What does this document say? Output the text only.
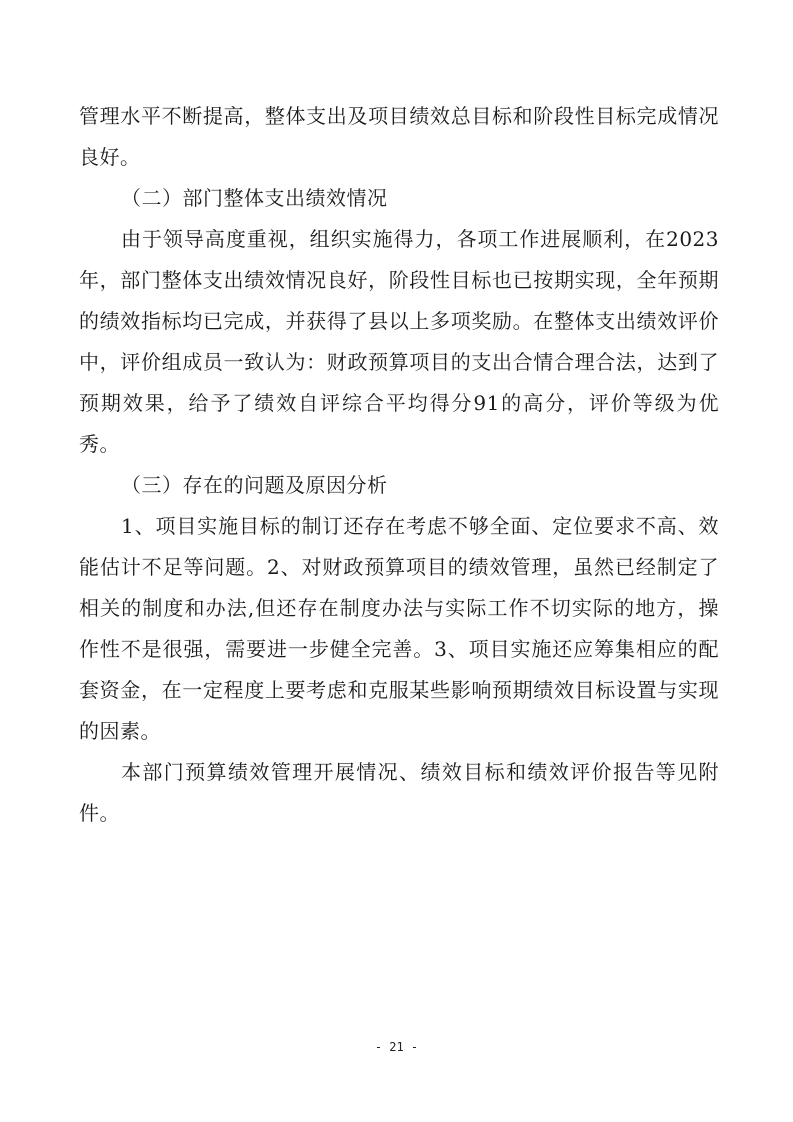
管理水平不断提高，整体支出及项目绩效总目标和阶段性目标完成情况良好。

（二）部门整体支出绩效情况

由于领导高度重视，组织实施得力，各项工作进展顺利，在2023年，部门整体支出绩效情况良好，阶段性目标也已按期实现，全年预期的绩效指标均已完成，并获得了县以上多项奖励。在整体支出绩效评价中，评价组成员一致认为：财政预算项目的支出合情合理合法，达到了预期效果，给予了绩效自评综合平均得分91的高分，评价等级为优秀。

（三）存在的问题及原因分析

1、项目实施目标的制订还存在考虑不够全面、定位要求不高、效能估计不足等问题。2、对财政预算项目的绩效管理，虽然已经制定了相关的制度和办法,但还存在制度办法与实际工作不切实际的地方，操作性不是很强，需要进一步健全完善。3、项目实施还应筹集相应的配套资金，在一定程度上要考虑和克服某些影响预期绩效目标设置与实现的因素。

本部门预算绩效管理开展情况、绩效目标和绩效评价报告等见附件。

- 21 -
